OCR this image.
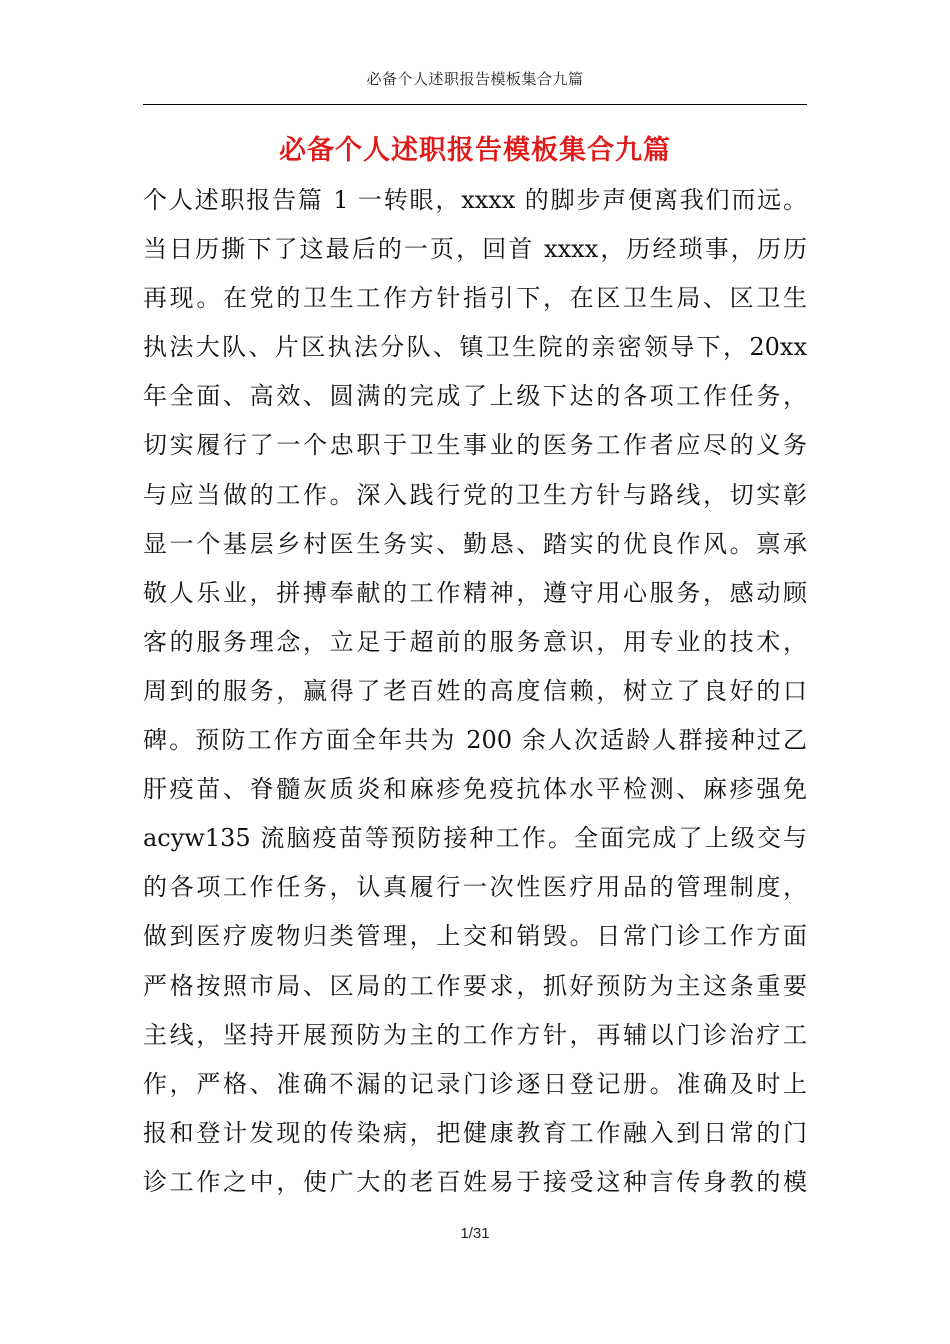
必备个人述职报告模板集合九篇
必备个人述职报告模板集合九篇
个人述职报告篇 1 一转眼，xxxx 的脚步声便离我们而远。
当日历撕下了这最后的一页，回首 xxxx，历经琐事，历历
再现。在党的卫生工作方针指引下，在区卫生局、区卫生
执法大队、片区执法分队、镇卫生院的亲密领导下，20xx
年全面、高效、圆满的完成了上级下达的各项工作任务，
切实履行了一个忠职于卫生事业的医务工作者应尽的义务
与应当做的工作。深入践行党的卫生方针与路线，切实彰
显一个基层乡村医生务实、勤恳、踏实的优良作风。禀承
敬人乐业，拼搏奉献的工作精神，遵守用心服务，感动顾
客的服务理念，立足于超前的服务意识，用专业的技术，
周到的服务，赢得了老百姓的高度信赖，树立了良好的口
碑。预防工作方面全年共为 200 余人次适龄人群接种过乙
肝疫苗、脊髓灰质炎和麻疹免疫抗体水平检测、麻疹强免
acyw135 流脑疫苗等预防接种工作。全面完成了上级交与
的各项工作任务，认真履行一次性医疗用品的管理制度，
做到医疗废物归类管理，上交和销毁。日常门诊工作方面
严格按照市局、区局的工作要求，抓好预防为主这条重要
主线，坚持开展预防为主的工作方针，再辅以门诊治疗工
作，严格、准确不漏的记录门诊逐日登记册。准确及时上
报和登计发现的传染病，把健康教育工作融入到日常的门
诊工作之中，使广大的老百姓易于接受这种言传身教的模
1/31
